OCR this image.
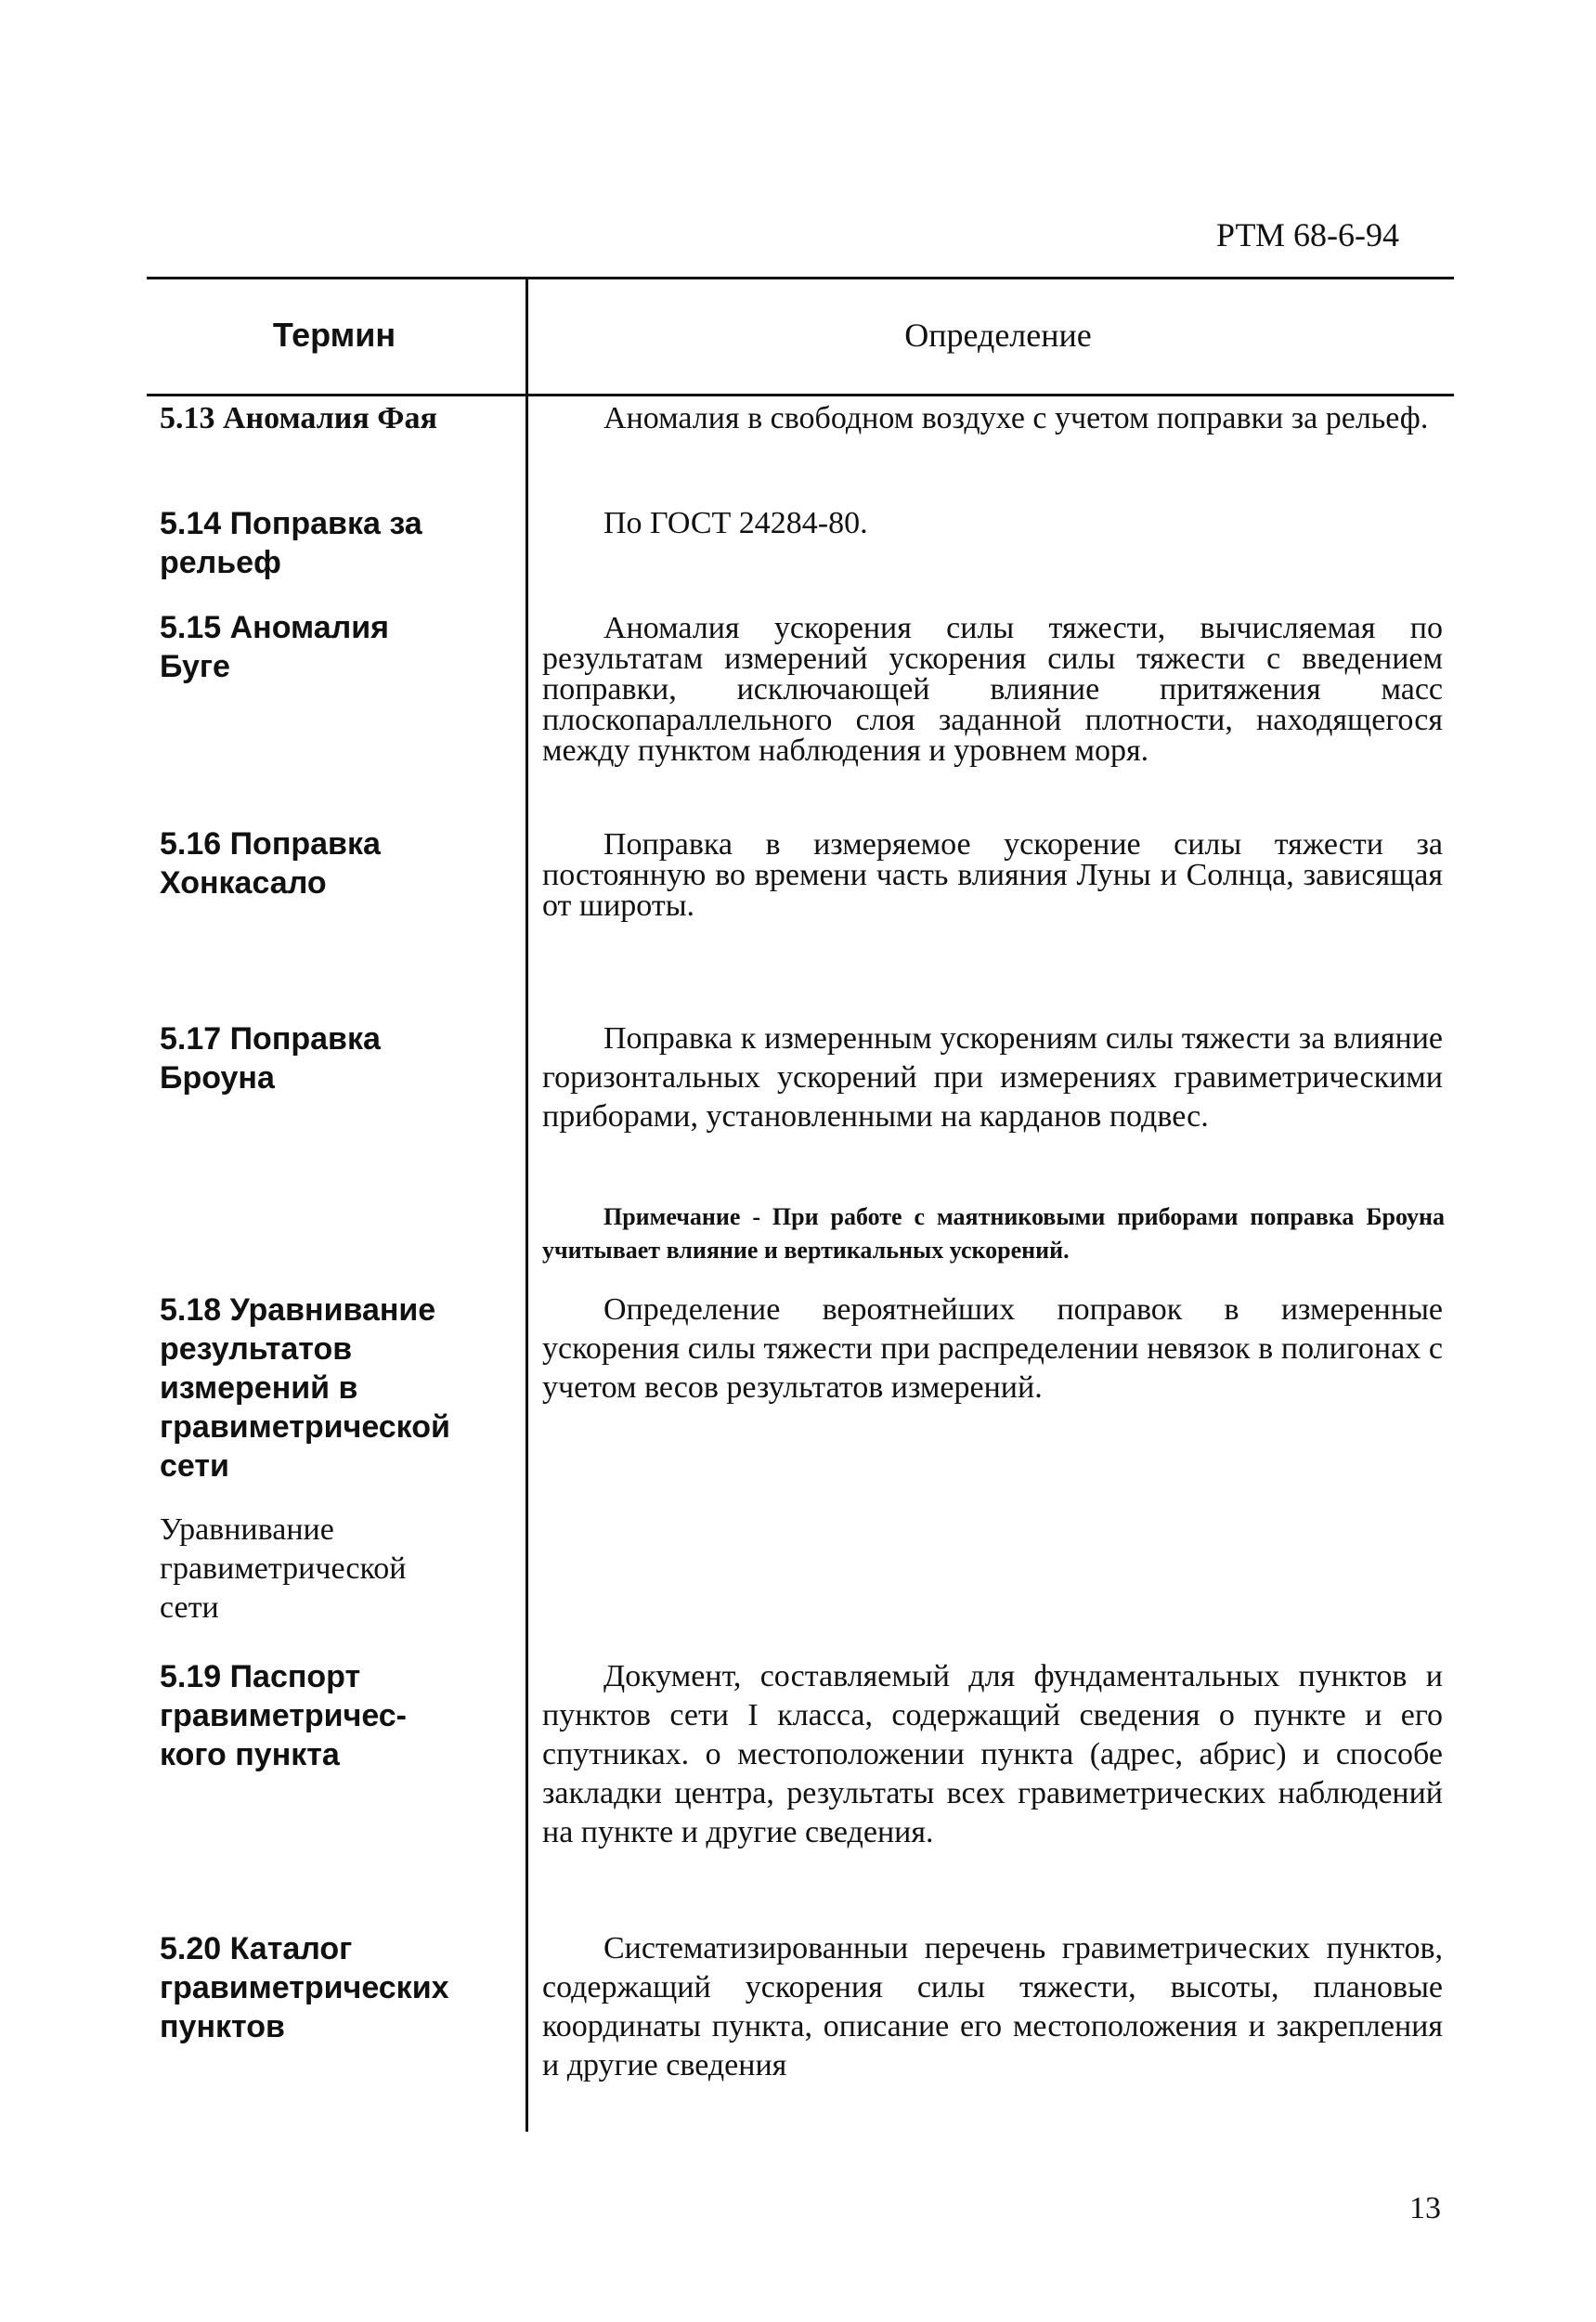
РТМ 68-6-94
Термин	Определение
5.13 Аномалия Фая	Аномалия в свободном воздухе с учетом поправки за рельеф.
5.14 Поправка за
рельеф
По ГОСТ 24284-80.
5.15 Аномалия
Буге
Аномалия ускорения силы тяжести, вычисляемая по результатам измерений ускорения силы тяжести с введением поправки, исключающей влияние притяжения масс плоскопараллельного слоя заданной плотности, находящегося между пунктом наблюдения и уровнем моря.
5.16 Поправка
Хонкасало
Поправка в измеряемое ускорение силы тяжести за постоянную во времени часть влияния Луны и Солнца, зависящая от широты.
5.17 Поправка
Броуна
Поправка к измеренным ускорениям силы тяжести за влияние горизонтальных ускорений при измерениях гравиметрическими приборами, установленными на карданов подвес.
Примечание - При работе с маятниковыми приборами поправка Броуна учитывает влияние и вертикальных ускорений.
5.18 Уравнивание
результатов
измерений в
гравиметрической
сети
Определение вероятнейших поправок в измеренные ускорения силы тяжести при распределении невязок в полигонах с учетом весов результатов измерений.
Уравнивание
гравиметрической
сети
5.19 Паспорт
гравиметричес-
кого пункта
Документ, составляемый для фундаментальных пунктов и пунктов сети I класса, содержащий сведения о пункте и его спутниках. о местоположении пункта (адрес, абрис) и способе закладки центра, результаты всех гравиметрических наблюдений на пункте и другие сведения.
5.20 Каталог
гравиметрических
пунктов
Систематизированныи перечень гравиметрических пунктов, содержащий ускорения силы тяжести, высоты, плановые координаты пункта, описание его местоположения и закрепления и другие сведения
13
